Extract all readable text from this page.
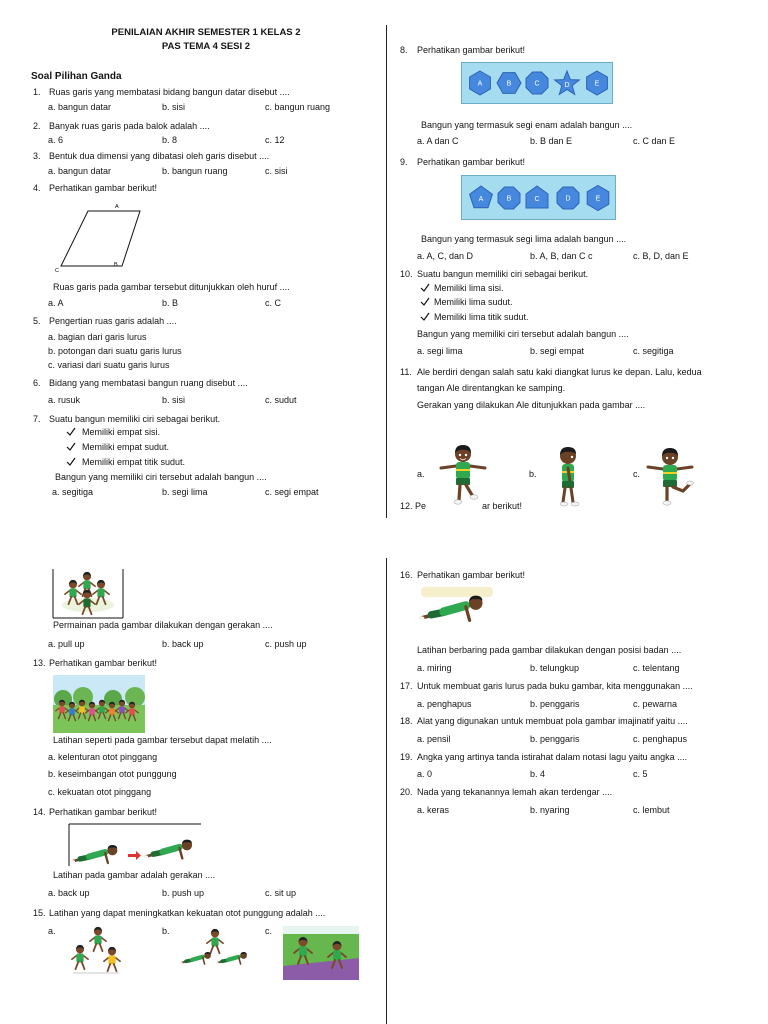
PENILAIAN AKHIR SEMESTER 1 KELAS 2
PAS TEMA 4 SESI 2
Soal Pilihan Ganda
1. Ruas garis yang membatasi bidang bangun datar disebut ....
a. bangun datar	b. sisi	c. bangun ruang
2. Banyak ruas garis pada balok adalah ....
a. 6	b. 8	c. 12
3. Bentuk dua dimensi yang dibatasi oleh garis disebut ....
a. bangun datar	b. bangun ruang	c. sisi
4. Perhatikan gambar berikut!
A
B
C
Ruas garis pada gambar tersebut ditunjukkan oleh huruf ....
a. A	b. B	c. C
5. Pengertian ruas garis adalah ....
a. bagian dari garis lurus
b. potongan dari suatu garis lurus
c. variasi dari suatu garis lurus
6. Bidang yang membatasi bangun ruang disebut ....
a. rusuk	b. sisi	c. sudut
7. Suatu bangun memiliki ciri sebagai berikut.
Memiliki empat sisi.
Memiliki empat sudut.
Memiliki empat titik sudut.
Bangun yang memiliki ciri tersebut adalah bangun ....
a. segitiga	b. segi lima	c. segi empat
8. Perhatikan gambar berikut!
A	B	C	D	E
Bangun yang termasuk segi enam adalah bangun ....
a. A dan C	b. B dan E	c. C dan E
9. Perhatikan gambar berikut!
A	B	C	D	E
Bangun yang termasuk segi lima adalah bangun ....
a. A, C, dan D	b. A, B, dan C c	c. B, D, dan E
10. Suatu bangun memiliki ciri sebagai berikut.
Memiliki lima sisi.
Memiliki lima sudut.
Memiliki lima titik sudut.
Bangun yang memiliki ciri tersebut adalah bangun ....
a. segi lima	b. segi empat	c. segitiga
11. Ale berdiri dengan salah satu kaki diangkat lurus ke depan. Lalu, kedua
tangan Ale direntangkan ke samping.
Gerakan yang dilakukan Ale ditunjukkan pada gambar ....
a.	b.	c.
12. Pe	ar berikut!
Permainan pada gambar dilakukan dengan gerakan ....
a. pull up	b. back up	c. push up
13. Perhatikan gambar berikut!
Latihan seperti pada gambar tersebut dapat melatih ....
a. kelenturan otot pinggang
b. keseimbangan otot punggung
c. kekuatan otot pinggang
14. Perhatikan gambar berikut!
Latihan pada gambar adalah gerakan ....
a. back up	b. push up	c. sit up
15. Latihan yang dapat meningkatkan kekuatan otot punggung adalah ....
a.	b.	c.
16. Perhatikan gambar berikut!
Latihan berbaring pada gambar dilakukan dengan posisi badan ....
a. miring	b. telungkup	c. telentang
17. Untuk membuat garis lurus pada buku gambar, kita menggunakan ....
a. penghapus	b. penggaris	c. pewarna
18. Alat yang digunakan untuk membuat pola gambar imajinatif yaitu ....
a. pensil	b. penggaris	c. penghapus
19. Angka yang artinya tanda istirahat dalam notasi lagu yaitu angka ....
a. 0	b. 4	c. 5
20. Nada yang tekanannya lemah akan terdengar ....
a. keras	b. nyaring	c. lembut
